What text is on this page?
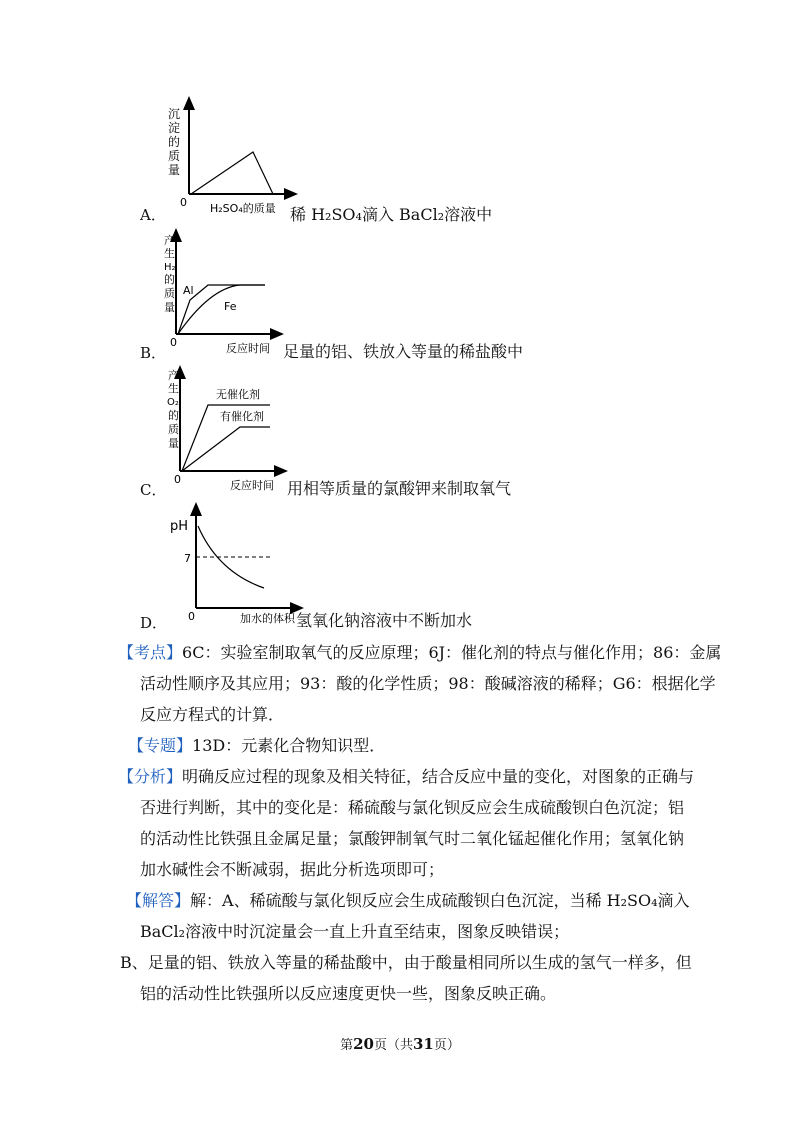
沉
淀
的
质
量
0 H₂SO₄的质量
A．	稀 H₂SO₄滴入 BaCl₂溶液中
产
生
H₂
的
质
量
Al
Fe
0	反应时间
B．	足量的铝、铁放入等量的稀盐酸中
产
生
O₂
的
质
量
无催化剂
有催化剂
0	反应时间
C．	用相等质量的氯酸钾来制取氧气
pH
7
0	加水的体积
D．	氢氧化钠溶液中不断加水
【考点】6C：实验室制取氧气的反应原理；6J：催化剂的特点与催化作用；86：金属
活动性顺序及其应用；93：酸的化学性质；98：酸碱溶液的稀释；G6：根据化学
反应方程式的计算．
【专题】13D：元素化合物知识型．
【分析】明确反应过程的现象及相关特征，结合反应中量的变化，对图象的正确与
否进行判断，其中的变化是：稀硫酸与氯化钡反应会生成硫酸钡白色沉淀；铝
的活动性比铁强且金属足量；氯酸钾制氧气时二氧化锰起催化作用；氢氧化钠
加水碱性会不断减弱，据此分析选项即可；
【解答】解：A、稀硫酸与氯化钡反应会生成硫酸钡白色沉淀，当稀 H₂SO₄滴入
BaCl₂溶液中时沉淀量会一直上升直至结束，图象反映错误；
B、足量的铝、铁放入等量的稀盐酸中，由于酸量相同所以生成的氢气一样多，但
铝的活动性比铁强所以反应速度更快一些，图象反映正确。
第20页（共31页）
